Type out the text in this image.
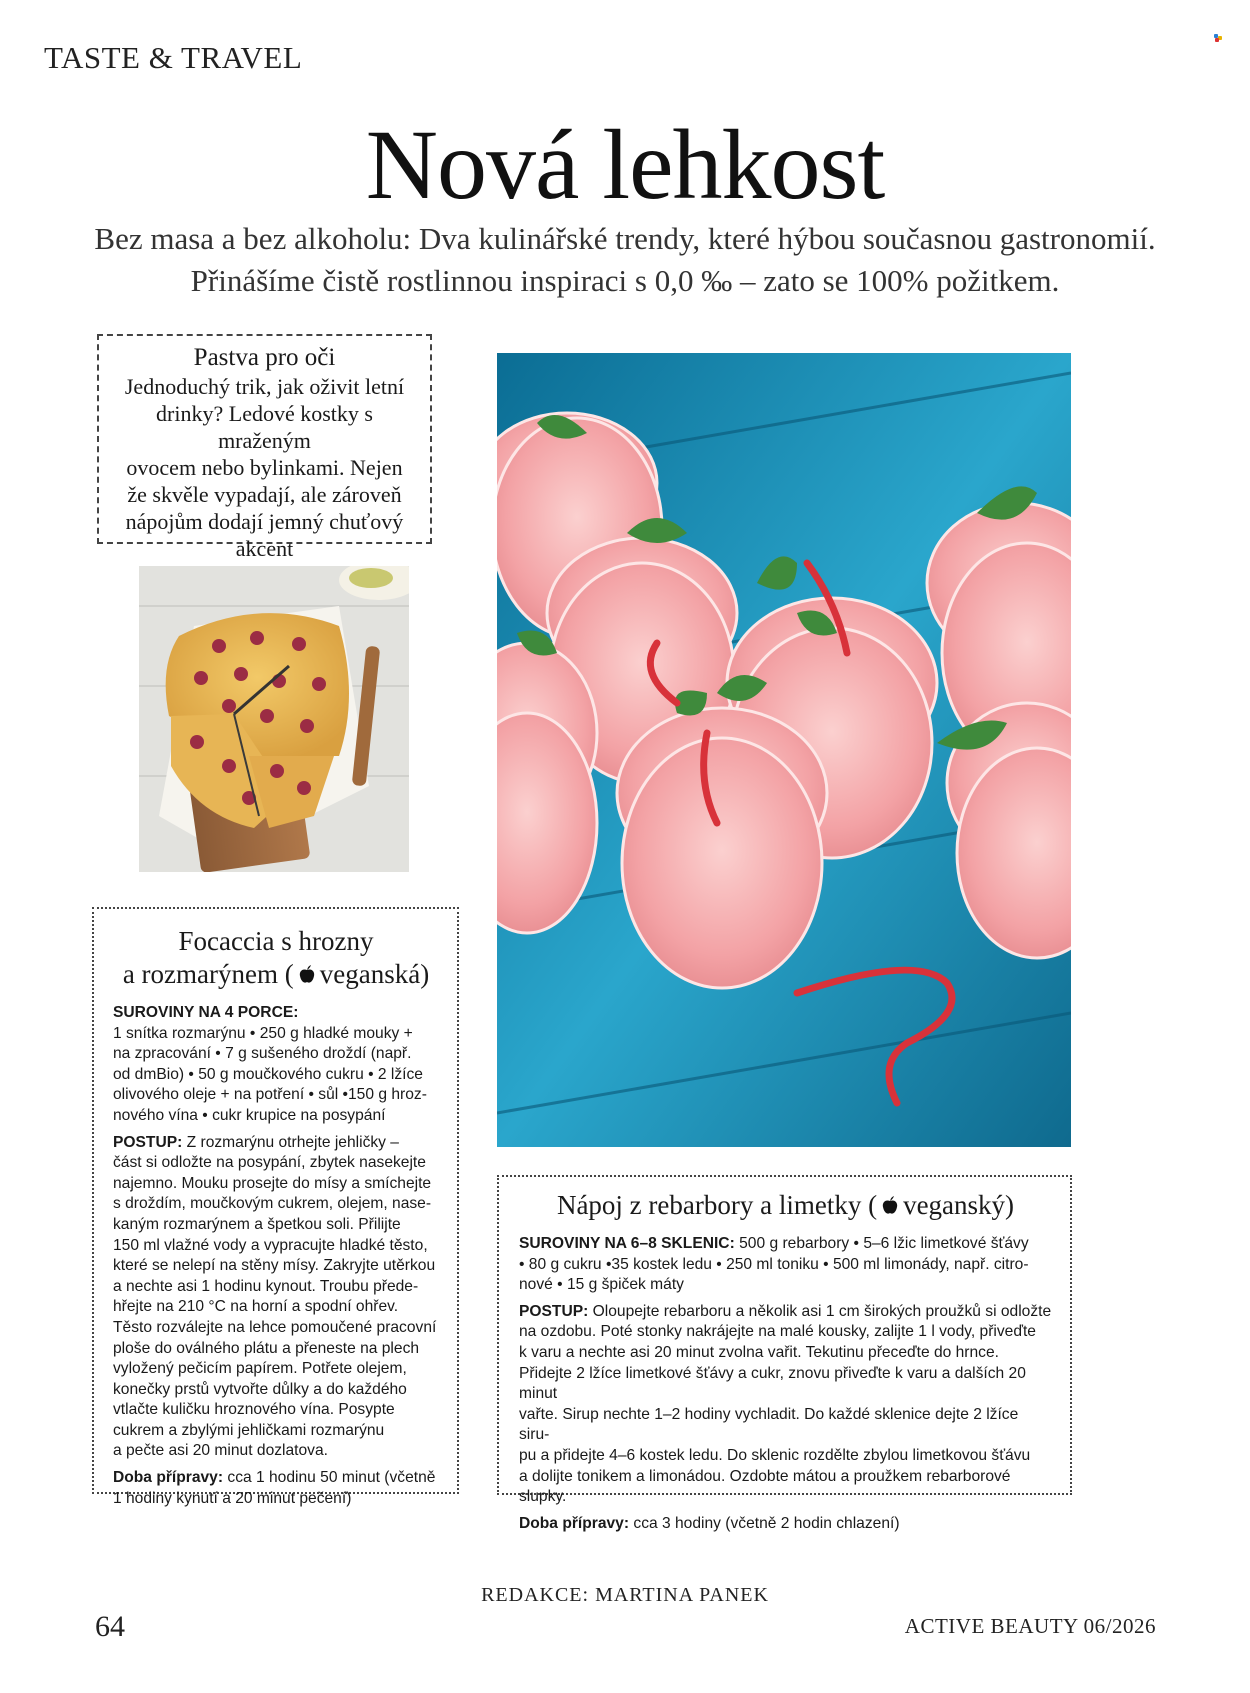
TASTE & TRAVEL
Nová lehkost
Bez masa a bez alkoholu: Dva kulinářské trendy, které hýbou současnou gastronomií.
Přinášíme čistě rostlinnou inspiraci s 0,0 ‰ – zato se 100% požitkem.
Pastva pro oči

Jednoduchý trik, jak oživit letní
drinky? Ledové kostky s mraženým
ovocem nebo bylinkami. Nejen
že skvěle vypadají, ale zároveň
nápojům dodají jemný chuťový
akcent

Focaccia s hrozny
a rozmarýnem ( veganská)

SUROVINY NA 4 PORCE:
1 snítka rozmarýnu • 250 g hladké mouky +
na zpracování • 7 g sušeného droždí (např.
od dmBio) • 50 g moučkového cukru • 2 lžíce
olivového oleje + na potření • sůl •150 g hroz-
nového vína • cukr krupice na posypání

POSTUP: Z rozmarýnu otrhejte jehličky –
část si odložte na posypání, zbytek nasekejte
najemno. Mouku prosejte do mísy a smíchejte
s droždím, moučkovým cukrem, olejem, nase-
kaným rozmarýnem a špetkou soli. Přilijte
150 ml vlažné vody a vypracujte hladké těsto,
které se nelepí na stěny mísy. Zakryjte utěrkou
a nechte asi 1 hodinu kynout. Troubu přede-
hřejte na 210 °C na horní a spodní ohřev.
Těsto rozválejte na lehce pomoučené pracovní
ploše do oválného plátu a přeneste na plech
vyložený pečicím papírem. Potřete olejem,
konečky prstů vytvořte důlky a do každého
vtlačte kuličku hroznového vína. Posypte
cukrem a zbylými jehličkami rozmarýnu
a pečte asi 20 minut dozlatova.

Doba přípravy: cca 1 hodinu 50 minut (včetně
1 hodiny kynutí a 20 minut pečení)

Nápoj z rebarbory a limetky ( veganský)

SUROVINY NA 6–8 SKLENIC: 500 g rebarbory • 5–6 lžic limetkové šťávy
• 80 g cukru •35 kostek ledu • 250 ml toniku • 500 ml limonády, např. citro-
nové • 15 g špiček máty

POSTUP: Oloupejte rebarboru a několik asi 1 cm širokých proužků si odložte
na ozdobu. Poté stonky nakrájejte na malé kousky, zalijte 1 l vody, přiveďte
k varu a nechte asi 20 minut zvolna vařit. Tekutinu přeceďte do hrnce.
Přidejte 2 lžíce limetkové šťávy a cukr, znovu přiveďte k varu a dalších 20 minut
vařte. Sirup nechte 1–2 hodiny vychladit. Do každé sklenice dejte 2 lžíce siru-
pu a přidejte 4–6 kostek ledu. Do sklenic rozdělte zbylou limetkovou šťávu
a dolijte tonikem a limonádou. Ozdobte mátou a proužkem rebarborové
slupky.

Doba přípravy: cca 3 hodiny (včetně 2 hodin chlazení)

REDAKCE: MARTINA PANEK
64	ACTIVE BEAUTY 06/2026
